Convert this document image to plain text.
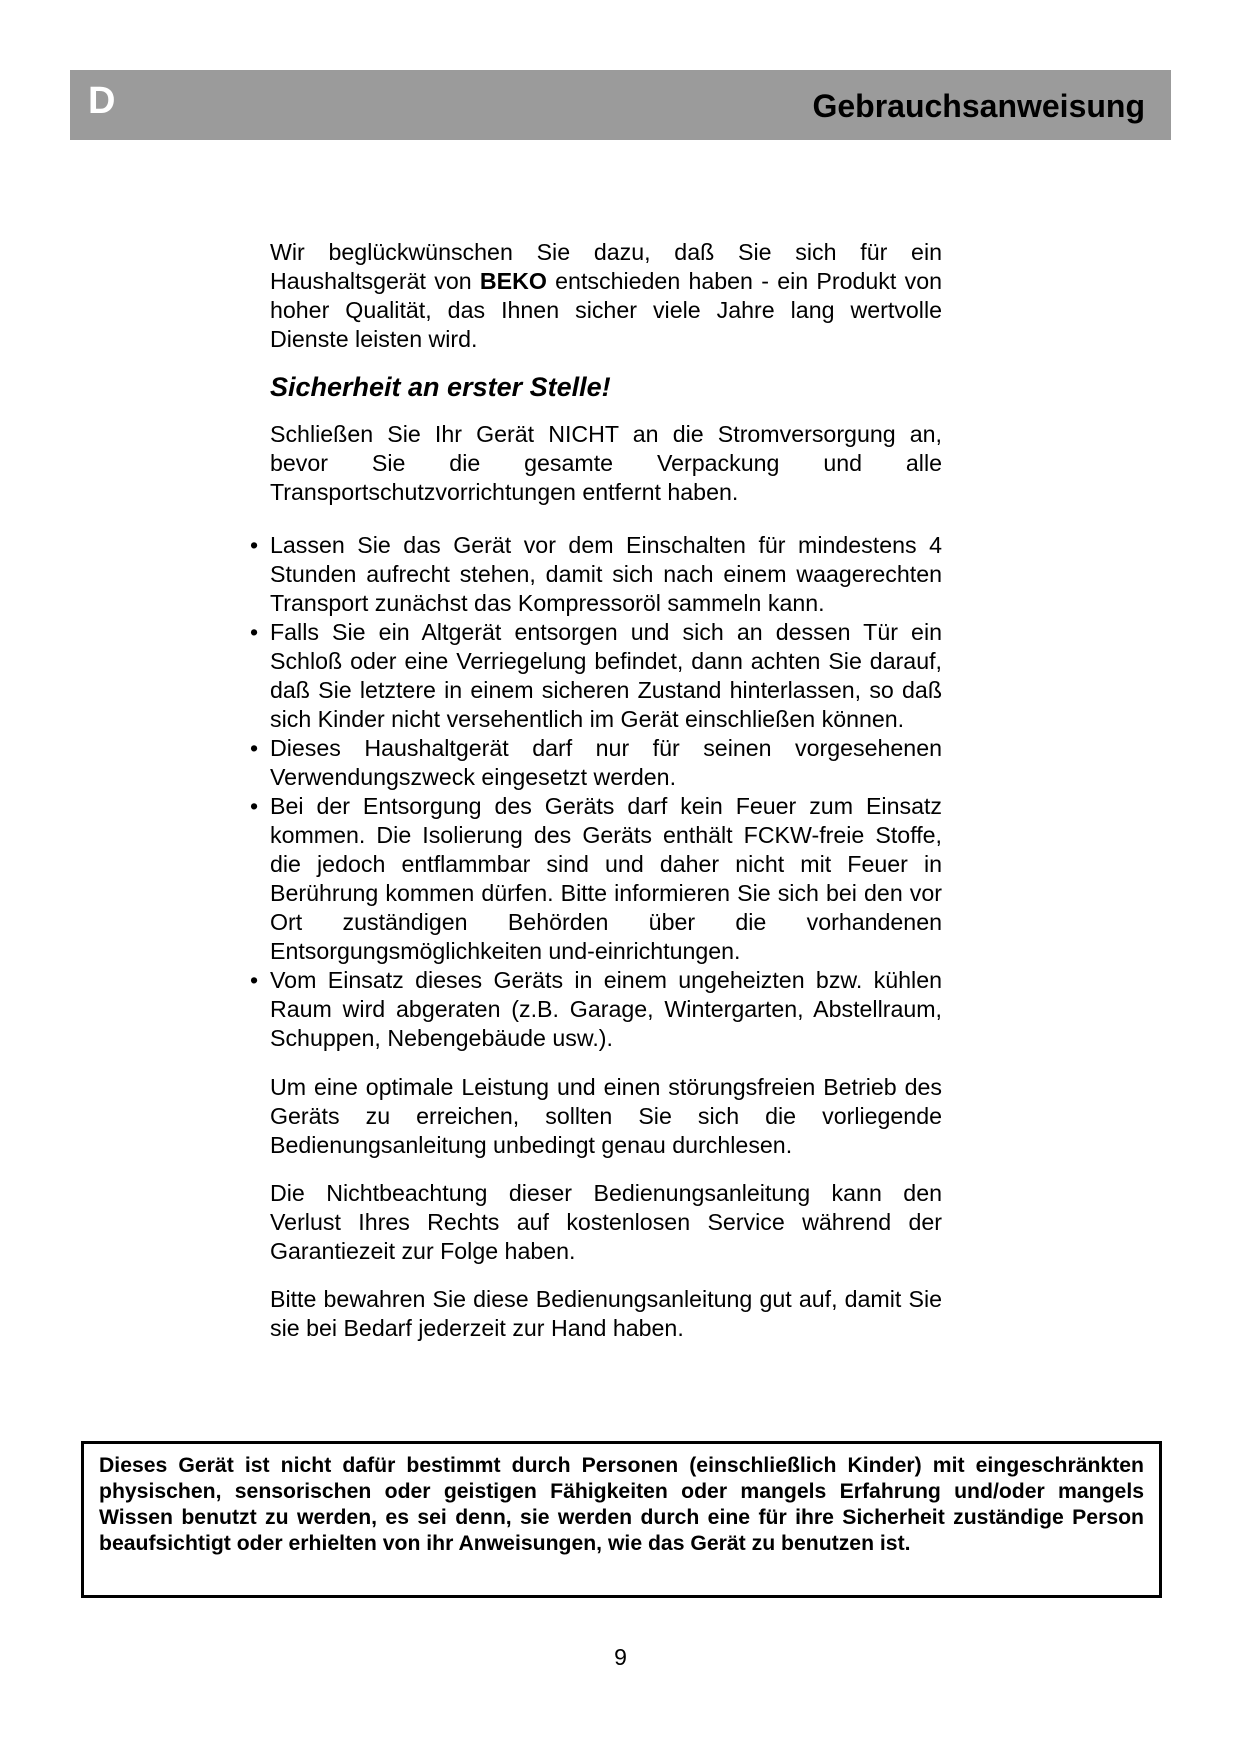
D	Gebrauchsanweisung

Wir beglückwünschen Sie dazu, daß Sie sich für ein Haushaltsgerät von BEKO entschieden haben - ein Produkt von hoher Qualität, das Ihnen sicher viele Jahre lang wertvolle Dienste leisten wird.

Sicherheit an erster Stelle!

Schließen Sie Ihr Gerät NICHT an die Stromversorgung an, bevor Sie die gesamte Verpackung und alle Transportschutzvorrichtungen entfernt haben.

• Lassen Sie das Gerät vor dem Einschalten für mindestens 4 Stunden aufrecht stehen, damit sich nach einem waagerechten Transport zunächst das Kompressoröl sammeln kann.
• Falls Sie ein Altgerät entsorgen und sich an dessen Tür ein Schloß oder eine Verriegelung befindet, dann achten Sie darauf, daß Sie letztere in einem sicheren Zustand hinterlassen, so daß sich Kinder nicht versehentlich im Gerät einschließen können.
• Dieses Haushaltgerät darf nur für seinen vorgesehenen Verwendungszweck eingesetzt werden.
• Bei der Entsorgung des Geräts darf kein Feuer zum Einsatz kommen. Die Isolierung des Geräts enthält FCKW-freie Stoffe, die jedoch entflammbar sind und daher nicht mit Feuer in Berührung kommen dürfen. Bitte informieren Sie sich bei den vor Ort zuständigen Behörden über die vorhandenen Entsorgungsmöglichkeiten und-einrichtungen.
• Vom Einsatz dieses Geräts in einem ungeheizten bzw. kühlen Raum wird abgeraten (z.B. Garage, Wintergarten, Abstellraum, Schuppen, Nebengebäude usw.).

Um eine optimale Leistung und einen störungsfreien Betrieb des Geräts zu erreichen, sollten Sie sich die vorliegende Bedienungsanleitung unbedingt genau durchlesen.

Die Nichtbeachtung dieser Bedienungsanleitung kann den Verlust Ihres Rechts auf kostenlosen Service während der Garantiezeit zur Folge haben.

Bitte bewahren Sie diese Bedienungsanleitung gut auf, damit Sie sie bei Bedarf jederzeit zur Hand haben.

Dieses Gerät ist nicht dafür bestimmt durch Personen (einschließlich Kinder) mit eingeschränkten physischen, sensorischen oder geistigen Fähigkeiten oder mangels Erfahrung und/oder mangels Wissen benutzt zu werden, es sei denn, sie werden durch eine für ihre Sicherheit zuständige Person beaufsichtigt oder erhielten von ihr Anweisungen, wie das Gerät zu benutzen ist.
9
